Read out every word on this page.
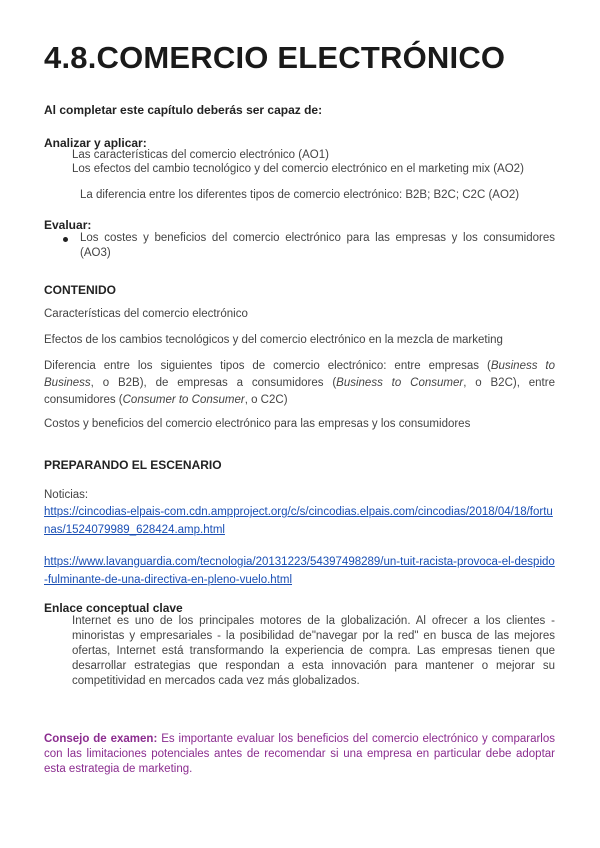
4.8.COMERCIO ELECTRÓNICO
Al completar este capítulo deberás ser capaz de:
Analizar y aplicar:
Las características del comercio electrónico (AO1)
Los efectos del cambio tecnológico y del comercio electrónico en el marketing mix (AO2)
La diferencia entre los diferentes tipos de comercio electrónico: B2B; B2C; C2C (AO2)
Evaluar:
Los costes y beneficios del comercio electrónico para las empresas y los consumidores (AO3)
CONTENIDO
Características del comercio electrónico
Efectos de los cambios tecnológicos y del comercio electrónico en la mezcla de marketing
Diferencia entre los siguientes tipos de comercio electrónico: entre empresas (Business to Business, o B2B), de empresas a consumidores (Business to Consumer, o B2C), entre consumidores (Consumer to Consumer, o C2C)
Costos y beneficios del comercio electrónico para las empresas y los consumidores
PREPARANDO EL ESCENARIO
Noticias:
https://cincodias-elpais-com.cdn.ampproject.org/c/s/cincodias.elpais.com/cincodias/2018/04/18/fortunas/1524079989_628424.amp.html
https://www.lavanguardia.com/tecnologia/20131223/54397498289/un-tuit-racista-provoca-el-despido-fulminante-de-una-directiva-en-pleno-vuelo.html
Enlace conceptual clave
Internet es uno de los principales motores de la globalización. Al ofrecer a los clientes - minoristas y empresariales - la posibilidad de"navegar por la red" en busca de las mejores ofertas, Internet está transformando la experiencia de compra. Las empresas tienen que desarrollar estrategias que respondan a esta innovación para mantener o mejorar su competitividad en mercados cada vez más globalizados.
Consejo de examen: Es importante evaluar los beneficios del comercio electrónico y compararlos con las limitaciones potenciales antes de recomendar si una empresa en particular debe adoptar esta estrategia de marketing.
